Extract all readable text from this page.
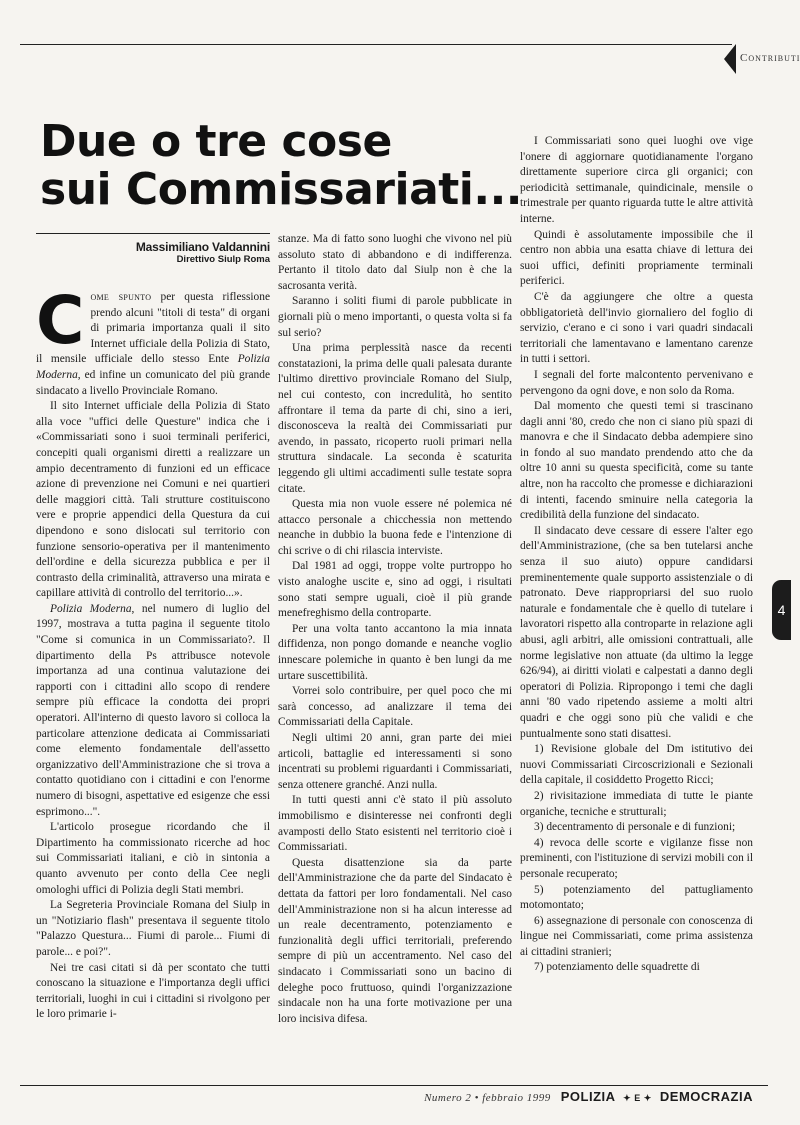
Contributi
4
Due o tre cose
sui Commissariati...
Massimiliano Valdannini
Direttivo Siulp Roma

Come spunto per questa riflessione prendo alcuni "titoli di testa" di organi di primaria importanza quali il sito Internet ufficiale della Polizia di Stato, il mensile ufficiale dello stesso Ente Polizia Moderna, ed infine un comunicato del più grande sindacato a livello Provinciale Romano.

Il sito Internet ufficiale della Polizia di Stato alla voce "uffici delle Questure" indica che i «Commissariati sono i suoi terminali periferici, concepiti quali organismi diretti a realizzare un ampio decentramento di funzioni ed un efficace azione di prevenzione nei Comuni e nei quartieri delle maggiori città. Tali strutture costituiscono vere e proprie appendici della Questura da cui dipendono e sono dislocati sul territorio con funzione sensorio-operativa per il mantenimento dell'ordine e della sicurezza pubblica e per il contrasto della criminalità, attraverso una mirata e capillare attività di controllo del territorio...».

Polizia Moderna, nel numero di luglio del 1997, mostrava a tutta pagina il seguente titolo "Come si comunica in un Commissariato?. Il dipartimento della Ps attribusce notevole importanza ad una continua valutazione dei rapporti con i cittadini allo scopo di rendere sempre più efficace la condotta dei propri operatori. All'interno di questo lavoro si colloca la particolare attenzione dedicata ai Commissariati come elemento fondamentale dell'assetto organizzativo dell'Amministrazione che si trova a contatto quotidiano con i cittadini e con l'enorme numero di bisogni, aspettative ed esigenze che essi esprimono...".

L'articolo prosegue ricordando che il Dipartimento ha commissionato ricerche ad hoc sui Commissariati italiani, e ciò in sintonia a quanto avvenuto per conto della Cee negli omologhi uffici di Polizia degli Stati membri.

La Segreteria Provinciale Romana del Siulp in un "Notiziario flash" presentava il seguente titolo "Palazzo Questura... Fiumi di parole... Fiumi di parole... e poi?".

Nei tre casi citati si dà per scontato che tutti conoscano la situazione e l'importanza degli uffici territoriali, luoghi in cui i cittadini si rivolgono per le loro primarie i-

stanze. Ma di fatto sono luoghi che vivono nel più assoluto stato di abbandono e di indifferenza. Pertanto il titolo dato dal Siulp non è che la sacrosanta verità.

Saranno i soliti fiumi di parole pubblicate in giornali più o meno importanti, o questa volta si fa sul serio?

Una prima perplessità nasce da recenti constatazioni, la prima delle quali palesata durante l'ultimo direttivo provinciale Romano del Siulp, nel cui contesto, con incredulità, ho sentito affrontare il tema da parte di chi, sino a ieri, disconosceva la realtà dei Commissariati pur avendo, in passato, ricoperto ruoli primari nella struttura sindacale. La seconda è scaturita leggendo gli ultimi accadimenti sulle testate sopra citate.

Questa mia non vuole essere né polemica né attacco personale a chicchessia non mettendo neanche in dubbio la buona fede e l'intenzione di chi scrive o di chi rilascia interviste.

Dal 1981 ad oggi, troppe volte purtroppo ho visto analoghe uscite e, sino ad oggi, i risultati sono stati sempre uguali, cioè il più grande menefreghismo della controparte.

Per una volta tanto accantono la mia innata diffidenza, non pongo domande e neanche voglio innescare polemiche in quanto è ben lungi da me urtare suscettibilità.

Vorrei solo contribuire, per quel poco che mi sarà concesso, ad analizzare il tema dei Commissariati della Capitale.

Negli ultimi 20 anni, gran parte dei miei articoli, battaglie ed interessamenti si sono incentrati su problemi riguardanti i Commissariati, senza ottenere granché. Anzi nulla.

In tutti questi anni c'è stato il più assoluto immobilismo e disinteresse nei confronti degli avamposti dello Stato esistenti nel territorio cioè i Commissariati.

Questa disattenzione sia da parte dell'Amministrazione che da parte del Sindacato è dettata da fattori per loro fondamentali. Nel caso dell'Amministrazione non si ha alcun interesse ad un reale decentramento, potenziamento e funzionalità degli uffici territoriali, preferendo sempre di più un accentramento. Nel caso del sindacato i Commissariati sono un bacino di deleghe poco fruttuoso, quindi l'organizzazione sindacale non ha una forte motivazione per una loro incisiva difesa.

I Commissariati sono quei luoghi ove vige l'onere di aggiornare quotidianamente l'organo direttamente superiore circa gli organici; con periodicità settimanale, quindicinale, mensile o trimestrale per quanto riguarda tutte le altre attività interne.

Quindi è assolutamente impossibile che il centro non abbia una esatta chiave di lettura dei suoi uffici, definiti propriamente terminali periferici.

C'è da aggiungere che oltre a questa obbligatorietà dell'invio giornaliero del foglio di servizio, c'erano e ci sono i vari quadri sindacali territoriali che lamentavano e lamentano carenze in tutti i settori.

I segnali del forte malcontento pervenivano e pervengono da ogni dove, e non solo da Roma.

Dal momento che questi temi si trascinano dagli anni '80, credo che non ci siano più spazi di manovra e che il Sindacato debba adempiere sino in fondo al suo mandato prendendo atto che da oltre 10 anni su questa specificità, come su tante altre, non ha raccolto che promesse e dichiarazioni di intenti, facendo sminuire nella categoria la credibilità della funzione del sindacato.

Il sindacato deve cessare di essere l'alter ego dell'Amministrazione, (che sa ben tutelarsi anche senza il suo aiuto) oppure candidarsi preminentemente quale supporto assistenziale o di patronato. Deve riappropriarsi del suo ruolo naturale e fondamentale che è quello di tutelare i lavoratori rispetto alla controparte in relazione agli abusi, agli arbitri, alle omissioni contrattuali, alle norme legislative non attuate (da ultimo la legge 626/94), ai diritti violati e calpestati a danno degli operatori di Polizia. Ripropongo i temi che dagli anni '80 vado ripetendo assieme a molti altri quadri e che oggi sono più che validi e che puntualmente sono stati disattesi.

1) Revisione globale del Dm istitutivo dei nuovi Commissariati Circoscrizionali e Sezionali della capitale, il cosiddetto Progetto Ricci;

2) rivisitazione immediata di tutte le piante organiche, tecniche e strutturali;

3) decentramento di personale e di funzioni;

4) revoca delle scorte e vigilanze fisse non preminenti, con l'istituzione di servizi mobili con il personale recuperato;

5) potenziamento del pattugliamento motomontato;

6) assegnazione di personale con conoscenza di lingue nei Commissariati, come prima assistenza ai cittadini stranieri;

7) potenziamento delle squadrette di

Numero 2 • febbraio 1999 POLIZIA ✦ E ✦ DEMOCRAZIA
